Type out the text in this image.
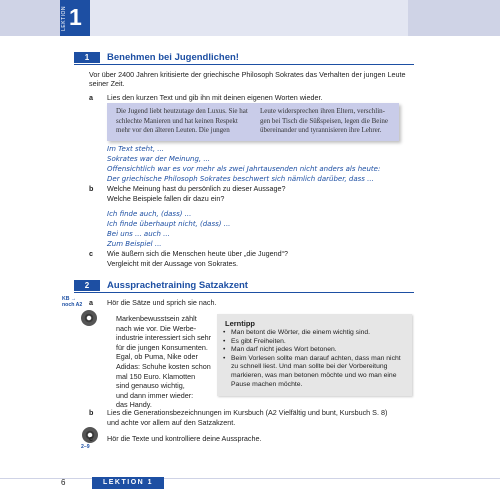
LEKTION 1
1	Benehmen bei Jugendlichen!
Vor über 2400 Jahren kritisierte der griechische Philosoph Sokrates das Verhalten der jungen Leute
seiner Zeit.
a Lies den kurzen Text und gib ihn mit deinen eigenen Worten wieder.
Die Jugend liebt heutzutage den Luxus. Sie hat
schlechte Manieren und hat keinen Respekt
mehr vor den älteren Leuten. Die jungen
Leute widersprechen ihren Eltern, verschlin-
gen bei Tisch die Süßspeisen, legen die Beine
übereinander und tyrannisieren ihre Lehrer.
Im Text steht, ...
Sokrates war der Meinung, ...
Offensichtlich war es vor mehr als zwei Jahrtausenden nicht anders als heute:
Der griechische Philosoph Sokrates beschwert sich nämlich darüber, dass ...
b Welche Meinung hast du persönlich zu dieser Aussage?
Welche Beispiele fallen dir dazu ein?
Ich finde auch, (dass) ...
Ich finde überhaupt nicht, (dass) ...
Bei uns ... auch ...
Zum Beispiel ...
c Wie äußern sich die Menschen heute über „die Jugend“?
Vergleicht mit der Aussage von Sokrates.
2	Aussprachetraining Satzakzent
KB →
noch A2 a Hör die Sätze und sprich sie nach.
Markenbewusstsein zählt
nach wie vor. Die Werbe-
industrie interessiert sich sehr
für die jungen Konsumenten.
Egal, ob Puma, Nike oder
Adidas: Schuhe kosten schon
mal 150 Euro. Klamotten
sind genauso wichtig,
und dann immer wieder:
das Handy.
Lerntipp
• Man betont die Wörter, die einem wichtig sind.
• Es gibt Freiheiten.
• Man darf nicht jedes Wort betonen.
• Beim Vorlesen sollte man darauf achten, dass man nicht
zu schnell liest. Und man sollte bei der Vorbereitung
markieren, was man betonen möchte und wo man eine
Pause machen möchte.
b Lies die Generationsbezeichnungen im Kursbuch (A2 Vielfältig und bunt, Kursbuch S. 8)
und achte vor allem auf den Satzakzent.
2–9
c Hör die Texte und kontrolliere deine Aussprache.
6	LEKTION 1
